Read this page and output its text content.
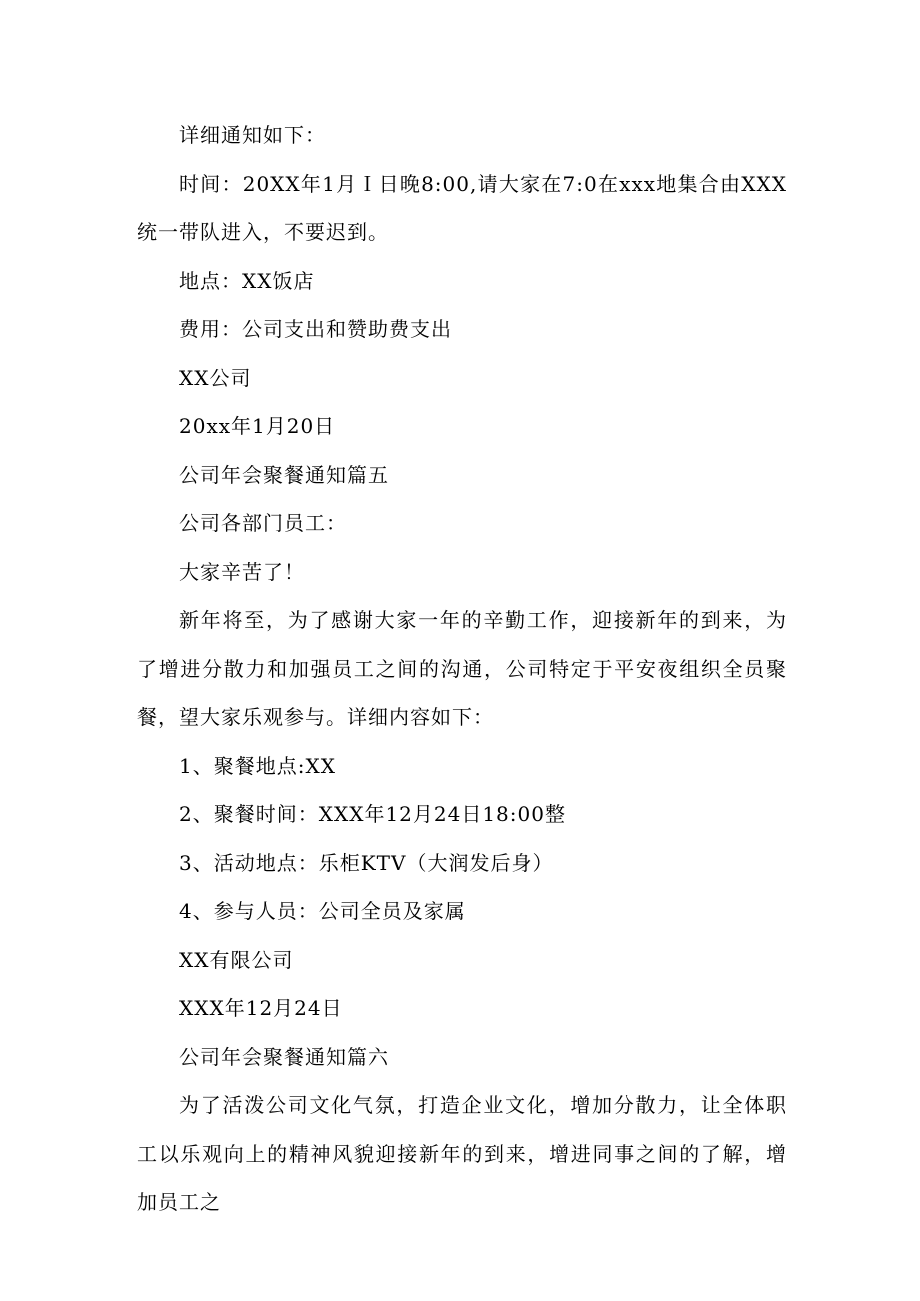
详细通知如下：

时间：20XX年1月Ｉ日晚8:00,请大家在7:0在xxx地集合由XXX统一带队进入，不要迟到。

地点：XX饭店

费用：公司支出和赞助费支出

XX公司

20xx年1月20日

公司年会聚餐通知篇五

公司各部门员工：

大家辛苦了！

新年将至，为了感谢大家一年的辛勤工作，迎接新年的到来，为了增进分散力和加强员工之间的沟通，公司特定于平安夜组织全员聚餐，望大家乐观参与。详细内容如下：

1、聚餐地点:XX

2、聚餐时间：XXX年12月24日18:00整

3、活动地点：乐柜KTV（大润发后身）

4、参与人员：公司全员及家属

XX有限公司

XXX年12月24日

公司年会聚餐通知篇六

为了活泼公司文化气氛，打造企业文化，增加分散力，让全体职工以乐观向上的精神风貌迎接新年的到来，增进同事之间的了解，增加员工之
